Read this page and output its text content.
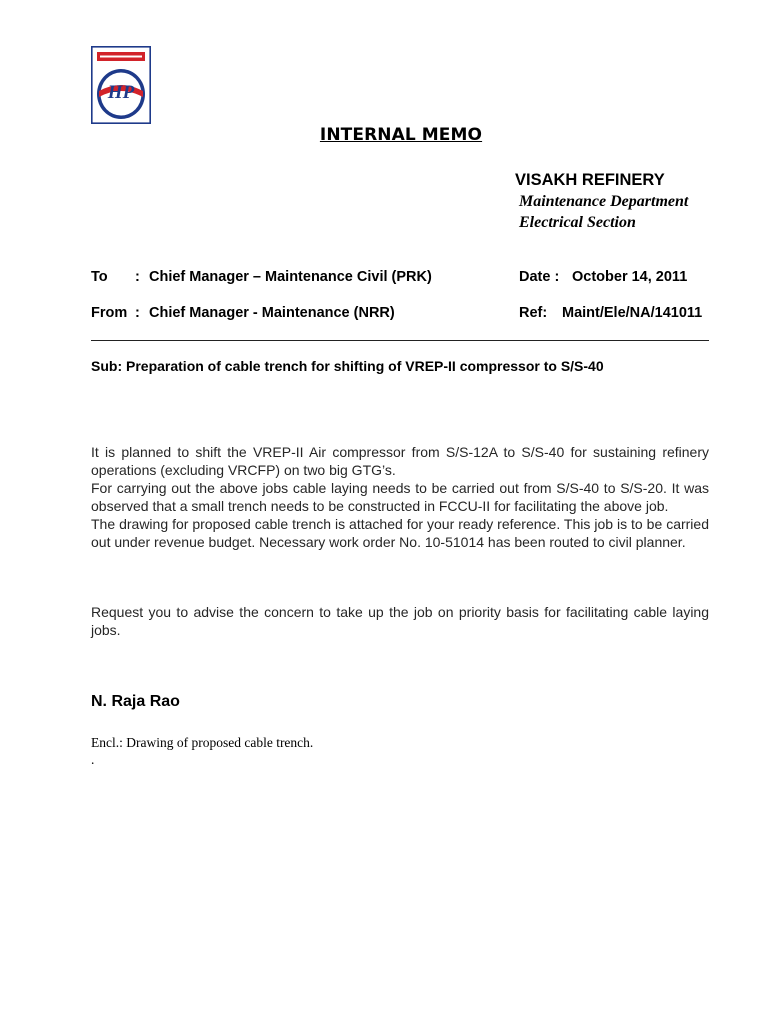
HP
INTERNAL MEMO
VISAKH REFINERY
Maintenance Department
Electrical Section
To : Chief Manager – Maintenance Civil (PRK)	Date : October 14, 2011
From : Chief Manager - Maintenance (NRR)	Ref: Maint/Ele/NA/141011
Sub: Preparation of cable trench for shifting of VREP-II compressor to S/S-40

It is planned to shift the VREP-II Air compressor from S/S-12A to S/S-40 for sustaining refinery operations (excluding VRCFP) on two big GTG’s.

For carrying out the above jobs cable laying needs to be carried out from S/S-40 to S/S-20. It was observed that a small trench needs to be constructed in FCCU-II for facilitating the above job.

The drawing for proposed cable trench is attached for your ready reference. This job is to be carried out under revenue budget. Necessary work order No. 10-51014 has been routed to civil planner.

Request you to advise the concern to take up the job on priority basis for facilitating cable laying jobs.

N. Raja Rao
Encl.: Drawing of proposed cable trench.
.
